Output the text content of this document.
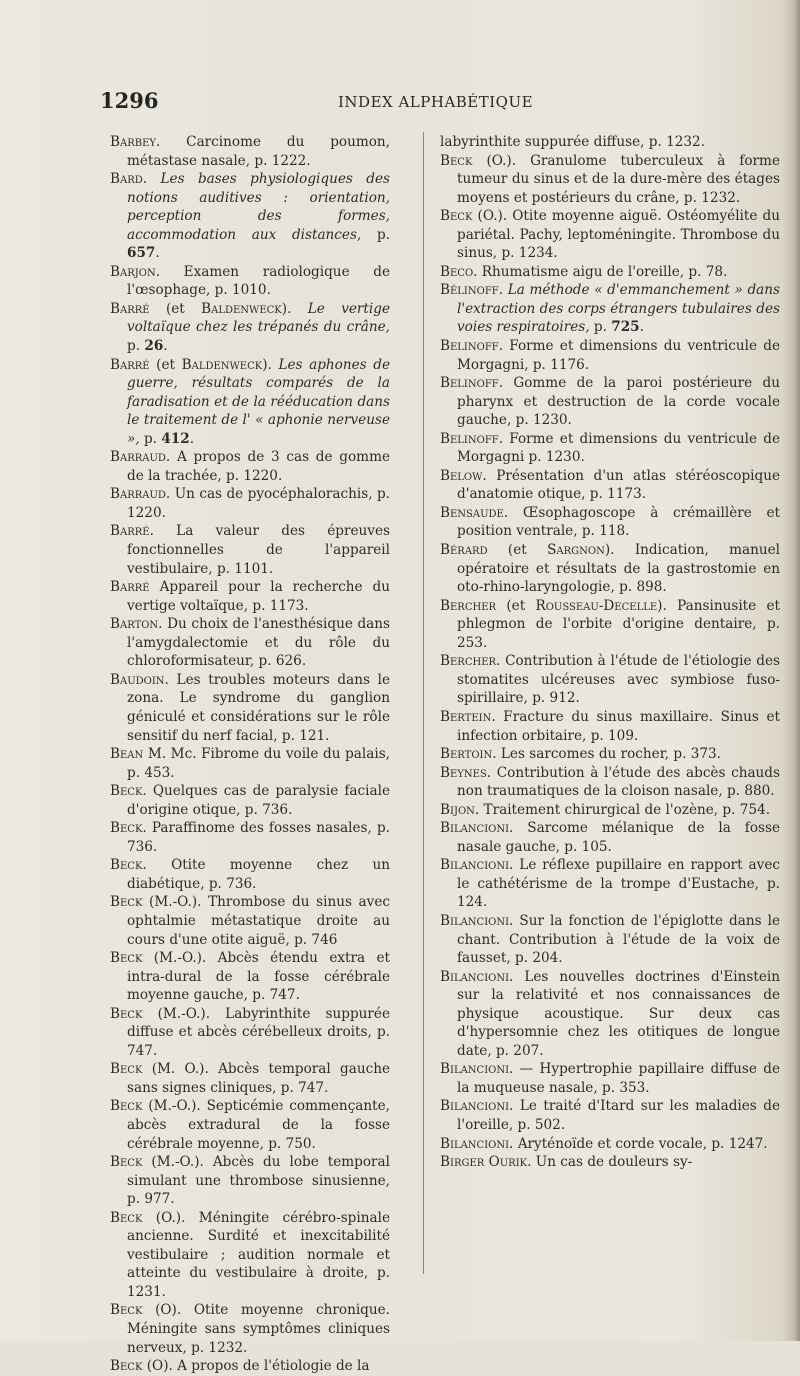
1296	INDEX ALPHABÉTIQUE

Barbey. Carcinome du poumon, métastase nasale, p. 1222.

Bard. Les bases physiologiques des notions auditives : orientation, perception des formes, accommodation aux distances, p. 657.

Barjon. Examen radiologique de l'œsophage, p. 1010.

Barré (et Baldenweck). Le vertige voltaïque chez les trépanés du crâne, p. 26.

Barré (et Baldenweck). Les aphones de guerre, résultats comparés de la faradisation et de la rééducation dans le traitement de l' « aphonie nerveuse », p. 412.

Barraud. A propos de 3 cas de gomme de la trachée, p. 1220.

Barraud. Un cas de pyocéphalorachis, p. 1220.

Barré. La valeur des épreuves fonctionnelles de l'appareil vestibulaire, p. 1101.

Barré Appareil pour la recherche du vertige voltaïque, p. 1173.

Barton. Du choix de l'anesthésique dans l'amygdalectomie et du rôle du chloroformisateur, p. 626.

Baudoin. Les troubles moteurs dans le zona. Le syndrome du ganglion géniculé et considérations sur le rôle sensitif du nerf facial, p. 121.

Bean M. Mc. Fibrome du voile du palais, p. 453.

Beck. Quelques cas de paralysie faciale d'origine otique, p. 736.

Beck. Paraffinome des fosses nasales, p. 736.

Beck. Otite moyenne chez un diabétique, p. 736.

Beck (M.-O.). Thrombose du sinus avec ophtalmie métastatique droite au cours d'une otite aiguë, p. 746

Beck (M.-O.). Abcès étendu extra et intra-dural de la fosse cérébrale moyenne gauche, p. 747.

Beck (M.-O.). Labyrinthite suppurée diffuse et abcès cérébelleux droits, p. 747.

Beck (M. O.). Abcès temporal gauche sans signes cliniques, p. 747.

Beck (M.-O.). Septicémie commençante, abcès extradural de la fosse cérébrale moyenne, p. 750.

Beck (M.-O.). Abcès du lobe temporal simulant une thrombose sinusienne, p. 977.

Beck (O.). Méningite cérébro-spinale ancienne. Surdité et inexcitabilité vestibulaire ; audition normale et atteinte du vestibulaire à droite, p. 1231.

Beck (O). Otite moyenne chronique. Méningite sans symptômes cliniques nerveux, p. 1232.

Beck (O). A propos de l'étiologie de la

labyrinthite suppurée diffuse, p. 1232.

Beck (O.). Granulome tuberculeux à forme tumeur du sinus et de la dure-mère des étages moyens et postérieurs du crâne, p. 1232.

Beck (O.). Otite moyenne aiguë. Ostéomyélite du pariétal. Pachy, leptoméningite. Thrombose du sinus, p. 1234.

Beco. Rhumatisme aigu de l'oreille, p. 78.

Bélinoff. La méthode « d'emmanchement » dans l'extraction des corps étrangers tubulaires des voies respiratoires, p. 725.

Belinoff. Forme et dimensions du ventricule de Morgagni, p. 1176.

Belinoff. Gomme de la paroi postérieure du pharynx et destruction de la corde vocale gauche, p. 1230.

Belinoff. Forme et dimensions du ventricule de Morgagni p. 1230.

Below. Présentation d'un atlas stéréoscopique d'anatomie otique, p. 1173.

Bensaude. Œsophagoscope à crémaillère et position ventrale, p. 118.

Bérard (et Sargnon). Indication, manuel opératoire et résultats de la gastrostomie en oto-rhino-laryngologie, p. 898.

Bercher (et Rousseau-Decelle). Pansinusite et phlegmon de l'orbite d'origine dentaire, p. 253.

Bercher. Contribution à l'étude de l'étiologie des stomatites ulcéreuses avec symbiose fuso-spirillaire, p. 912.

Bertein. Fracture du sinus maxillaire. Sinus et infection orbitaire, p. 109.

Bertoin. Les sarcomes du rocher, p. 373.

Beynes. Contribution à l'étude des abcès chauds non traumatiques de la cloison nasale, p. 880.

Bijon. Traitement chirurgical de l'ozène, p. 754.

Bilancioni. Sarcome mélanique de la fosse nasale gauche, p. 105.

Bilancioni. Le réflexe pupillaire en rapport avec le cathétérisme de la trompe d'Eustache, p. 124.

Bilancioni. Sur la fonction de l'épiglotte dans le chant. Contribution à l'étude de la voix de fausset, p. 204.

Bilancioni. Les nouvelles doctrines d'Einstein sur la relativité et nos connaissances de physique acoustique. Sur deux cas d'hypersomnie chez les otitiques de longue date, p. 207.

Bilancioni. — Hypertrophie papillaire diffuse de la muqueuse nasale, p. 353.

Bilancioni. Le traité d'Itard sur les maladies de l'oreille, p. 502.

Bilancioni. Aryténoïde et corde vocale, p. 1247.

Birger Ourik. Un cas de douleurs sy-
